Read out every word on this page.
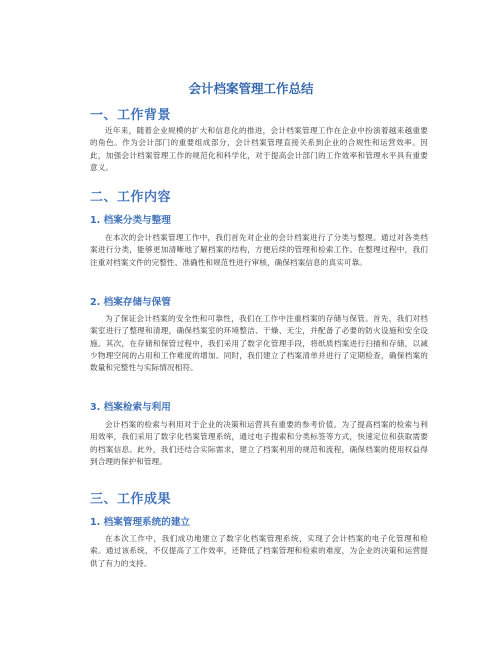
会计档案管理工作总结
一、工作背景

近年来，随着企业规模的扩大和信息化的推进，会计档案管理工作在企业中扮演着越来越重要的角色。作为会计部门的重要组成部分，会计档案管理直接关系到企业的合规性和运营效率。因此，加强会计档案管理工作的规范化和科学化，对于提高会计部门的工作效率和管理水平具有重要意义。

二、工作内容
1. 档案分类与整理

在本次的会计档案管理工作中，我们首先对企业的会计档案进行了分类与整理。通过对各类档案进行分类，能够更加清晰地了解档案的结构，方便后续的管理和检索工作。在整理过程中，我们注重对档案文件的完整性、准确性和规范性进行审核，确保档案信息的真实可靠。

2. 档案存储与保管

为了保证会计档案的安全性和可靠性，我们在工作中注重档案的存储与保管。首先，我们对档案室进行了整理和清理，确保档案室的环境整洁、干燥、无尘，并配备了必要的防火设施和安全设施。其次，在存储和保管过程中，我们采用了数字化管理手段，将纸质档案进行扫描和存储，以减少物理空间的占用和工作难度的增加。同时，我们建立了档案清单并进行了定期检查，确保档案的数量和完整性与实际情况相符。

3. 档案检索与利用

会计档案的检索与利用对于企业的决策和运营具有重要的参考价值。为了提高档案的检索与利用效率，我们采用了数字化档案管理系统，通过电子搜索和分类标签等方式，快速定位和获取需要的档案信息。此外，我们还结合实际需求，建立了档案利用的规范和流程，确保档案的使用权益得到合理的保护和管理。

三、工作成果
1. 档案管理系统的建立

在本次工作中，我们成功地建立了数字化档案管理系统，实现了会计档案的电子化管理和检索。通过该系统，不仅提高了工作效率，还降低了档案管理和检索的难度，为企业的决策和运营提供了有力的支持。
